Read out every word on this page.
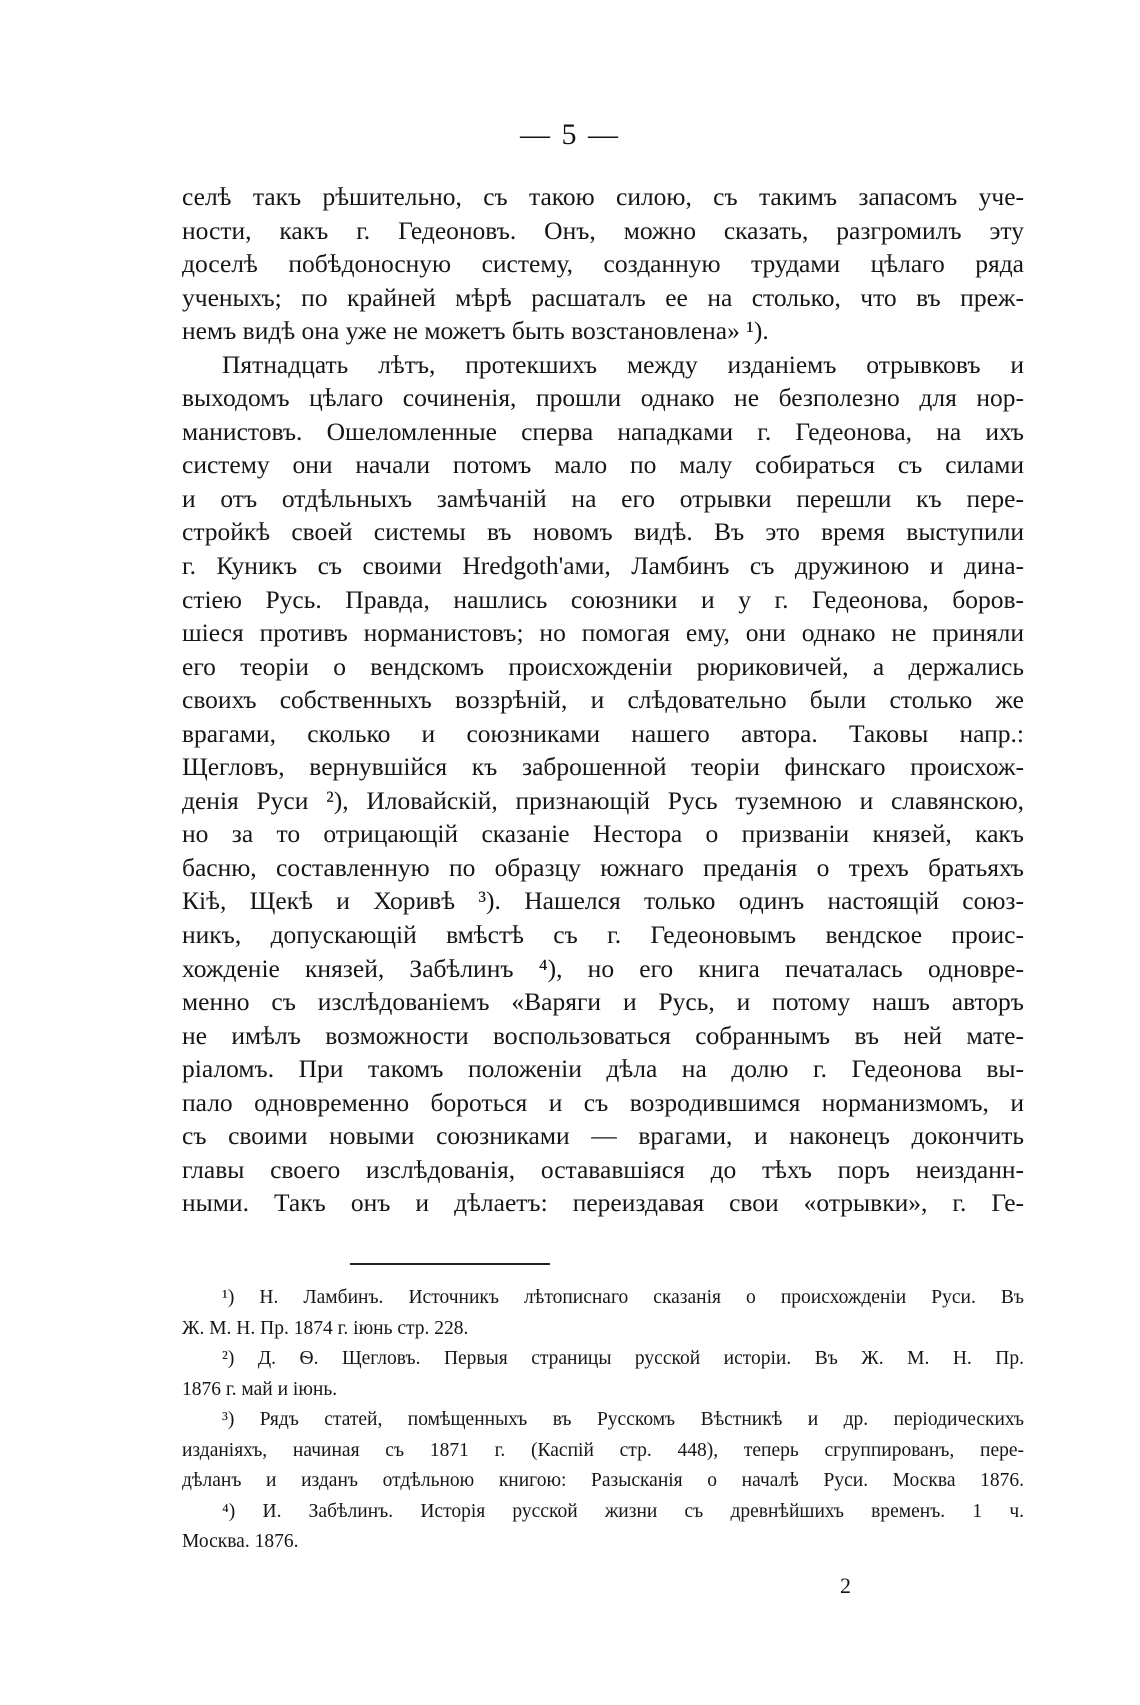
— 5 —
селѣ такъ рѣшительно, съ такою силою, съ такимъ запасомъ уче-
ности, какъ г. Гедеоновъ. Онъ, можно сказать, разгромилъ эту
доселѣ побѣдоносную систему, созданную трудами цѣлаго ряда
ученыхъ; по крайней мѣрѣ расшаталъ ее на столько, что въ преж-
немъ видѣ она уже не можетъ быть возстановлена» ¹).
Пятнадцать лѣтъ, протекшихъ между изданіемъ отрывковъ и
выходомъ цѣлаго сочиненія, прошли однако не безполезно для нор-
манистовъ. Ошеломленные сперва нападками г. Гедеонова, на ихъ
систему они начали потомъ мало по малу собираться съ силами
и отъ отдѣльныхъ замѣчаній на его отрывки перешли къ пере-
стройкѣ своей системы въ новомъ видѣ. Въ это время выступили
г. Куникъ съ своими Hredgoth'ами, Ламбинъ съ дружиною и дина-
стіею Русь. Правда, нашлись союзники и у г. Гедеонова, боров-
шіеся противъ норманистовъ; но помогая ему, они однако не приняли
его теоріи о вендскомъ происхожденіи рюриковичей, а держались
своихъ собственныхъ воззрѣній, и слѣдовательно были столько же
врагами, сколько и союзниками нашего автора. Таковы напр.:
Щегловъ, вернувшійся къ заброшенной теоріи финскаго происхож-
денія Руси ²), Иловайскій, признающій Русь туземною и славянскою,
но за то отрицающій сказаніе Нестора о призваніи князей, какъ
басню, составленную по образцу южнаго преданія о трехъ братьяхъ
Кіѣ, Щекѣ и Хоривѣ ³). Нашелся только одинъ настоящій союз-
никъ, допускающій вмѣстѣ съ г. Гедеоновымъ вендское проис-
хожденіе князей, Забѣлинъ ⁴), но его книга печаталась одновре-
менно съ изслѣдованіемъ «Варяги и Русь, и потому нашъ авторъ
не имѣлъ возможности воспользоваться собраннымъ въ ней мате-
ріаломъ. При такомъ положеніи дѣла на долю г. Гедеонова вы-
пало одновременно бороться и съ возродившимся норманизмомъ, и
съ своими новыми союзниками — врагами, и наконецъ докончить
главы своего изслѣдованія, остававшіяся до тѣхъ поръ неизданн-
ными. Такъ онъ и дѣлаетъ: переиздавая свои «отрывки», г. Ге-
¹) Н. Ламбинъ. Источникъ лѣтописнаго сказанія о происхожденіи Руси. Въ
Ж. М. Н. Пр. 1874 г. іюнь стр. 228.
²) Д. Ѳ. Щегловъ. Первыя страницы русской исторіи. Въ Ж. М. Н. Пр.
1876 г. май и іюнь.
³) Рядъ статей, помѣщенныхъ въ Русскомъ Вѣстникѣ и др. періодическихъ
изданіяхъ, начиная съ 1871 г. (Каспій стр. 448), теперь сгруппированъ, пере-
дѣланъ и изданъ отдѣльною книгою: Разысканія о началѣ Руси. Москва 1876.
⁴) И. Забѣлинъ. Исторія русской жизни съ древнѣйшихъ временъ. 1 ч.
Москва. 1876.
2
